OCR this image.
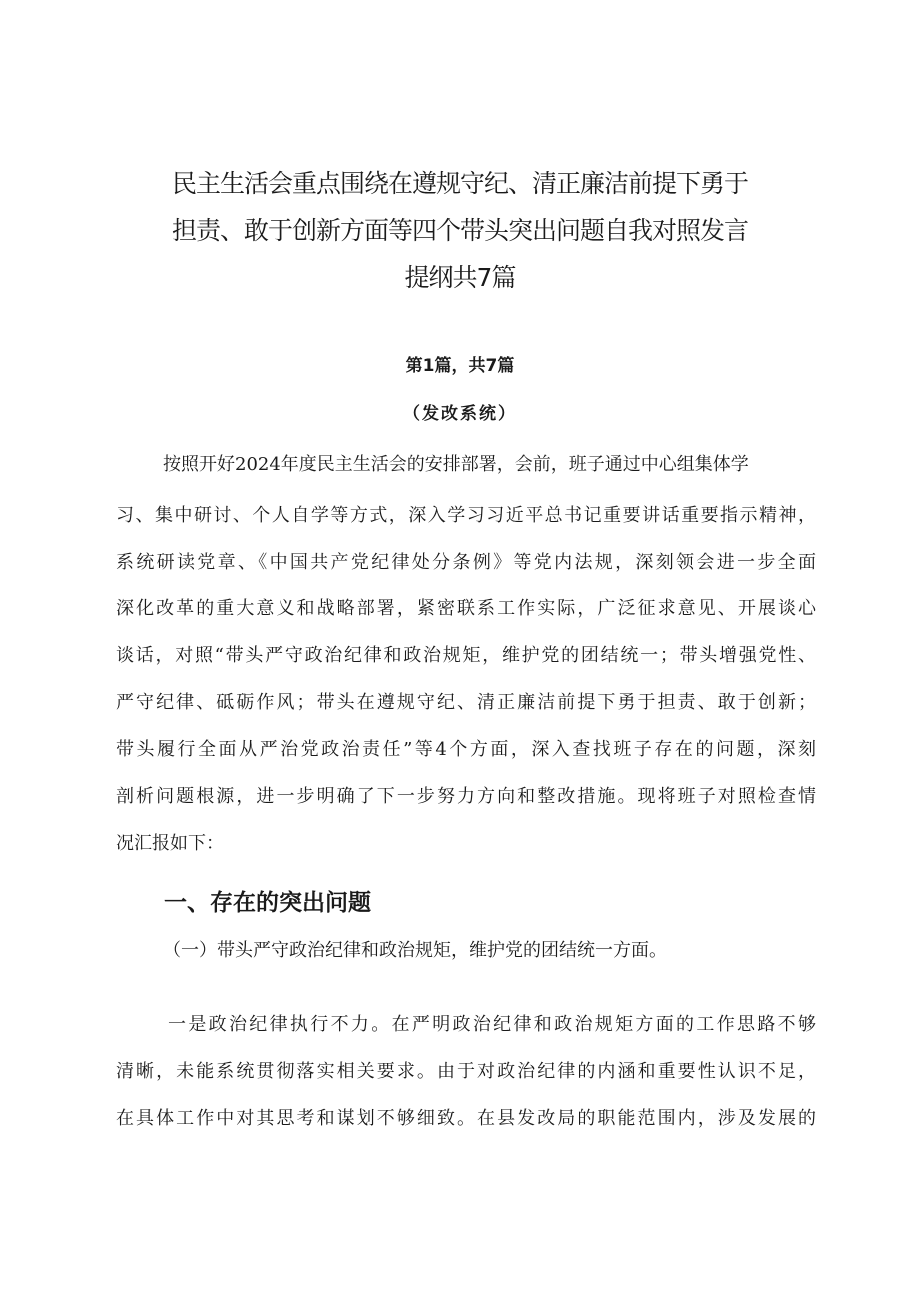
民主生活会重点围绕在遵规守纪、清正廉洁前提下勇于
担责、敢于创新方面等四个带头突出问题自我对照发言
提纲共7篇

第1篇，共7篇

（发改系统）

按照开好2024年度民主生活会的安排部署，会前，班子通过中心组集体学

习、集中研讨、个人自学等方式，深入学习习近平总书记重要讲话重要指示精神，

系统研读党章、《中国共产党纪律处分条例》等党内法规，深刻领会进一步全面

深化改革的重大意义和战略部署，紧密联系工作实际，广泛征求意见、开展谈心

谈话，对照“带头严守政治纪律和政治规矩，维护党的团结统一；带头增强党性、

严守纪律、砥砺作风；带头在遵规守纪、清正廉洁前提下勇于担责、敢于创新；

带头履行全面从严治党政治责任”等4个方面，深入查找班子存在的问题，深刻

剖析问题根源，进一步明确了下一步努力方向和整改措施。现将班子对照检查情

况汇报如下：

一、存在的突出问题

（一）带头严守政治纪律和政治规矩，维护党的团结统一方面。

一是政治纪律执行不力。在严明政治纪律和政治规矩方面的工作思路不够

清晰，未能系统贯彻落实相关要求。由于对政治纪律的内涵和重要性认识不足，

在具体工作中对其思考和谋划不够细致。在县发改局的职能范围内，涉及发展的
